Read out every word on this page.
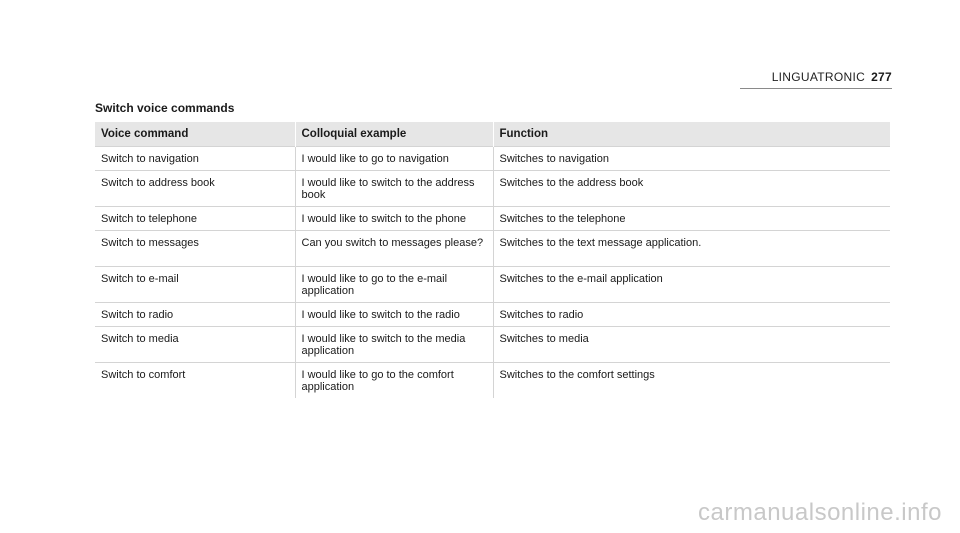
LINGUATRONIC 277
Switch voice commands
Voice command	Colloquial example	Function
Switch to navigation	I would like to go to navigation	Switches to navigation
Switch to address book	I would like to switch to the address book	Switches to the address book
Switch to telephone	I would like to switch to the phone	Switches to the telephone
Switch to messages	Can you switch to messages please?	Switches to the text message application.
Switch to e-mail	I would like to go to the e-mail application	Switches to the e-mail application
Switch to radio	I would like to switch to the radio	Switches to radio
Switch to media	I would like to switch to the media application	Switches to media
Switch to comfort	I would like to go to the comfort application	Switches to the comfort settings
carmanualsonline.info
